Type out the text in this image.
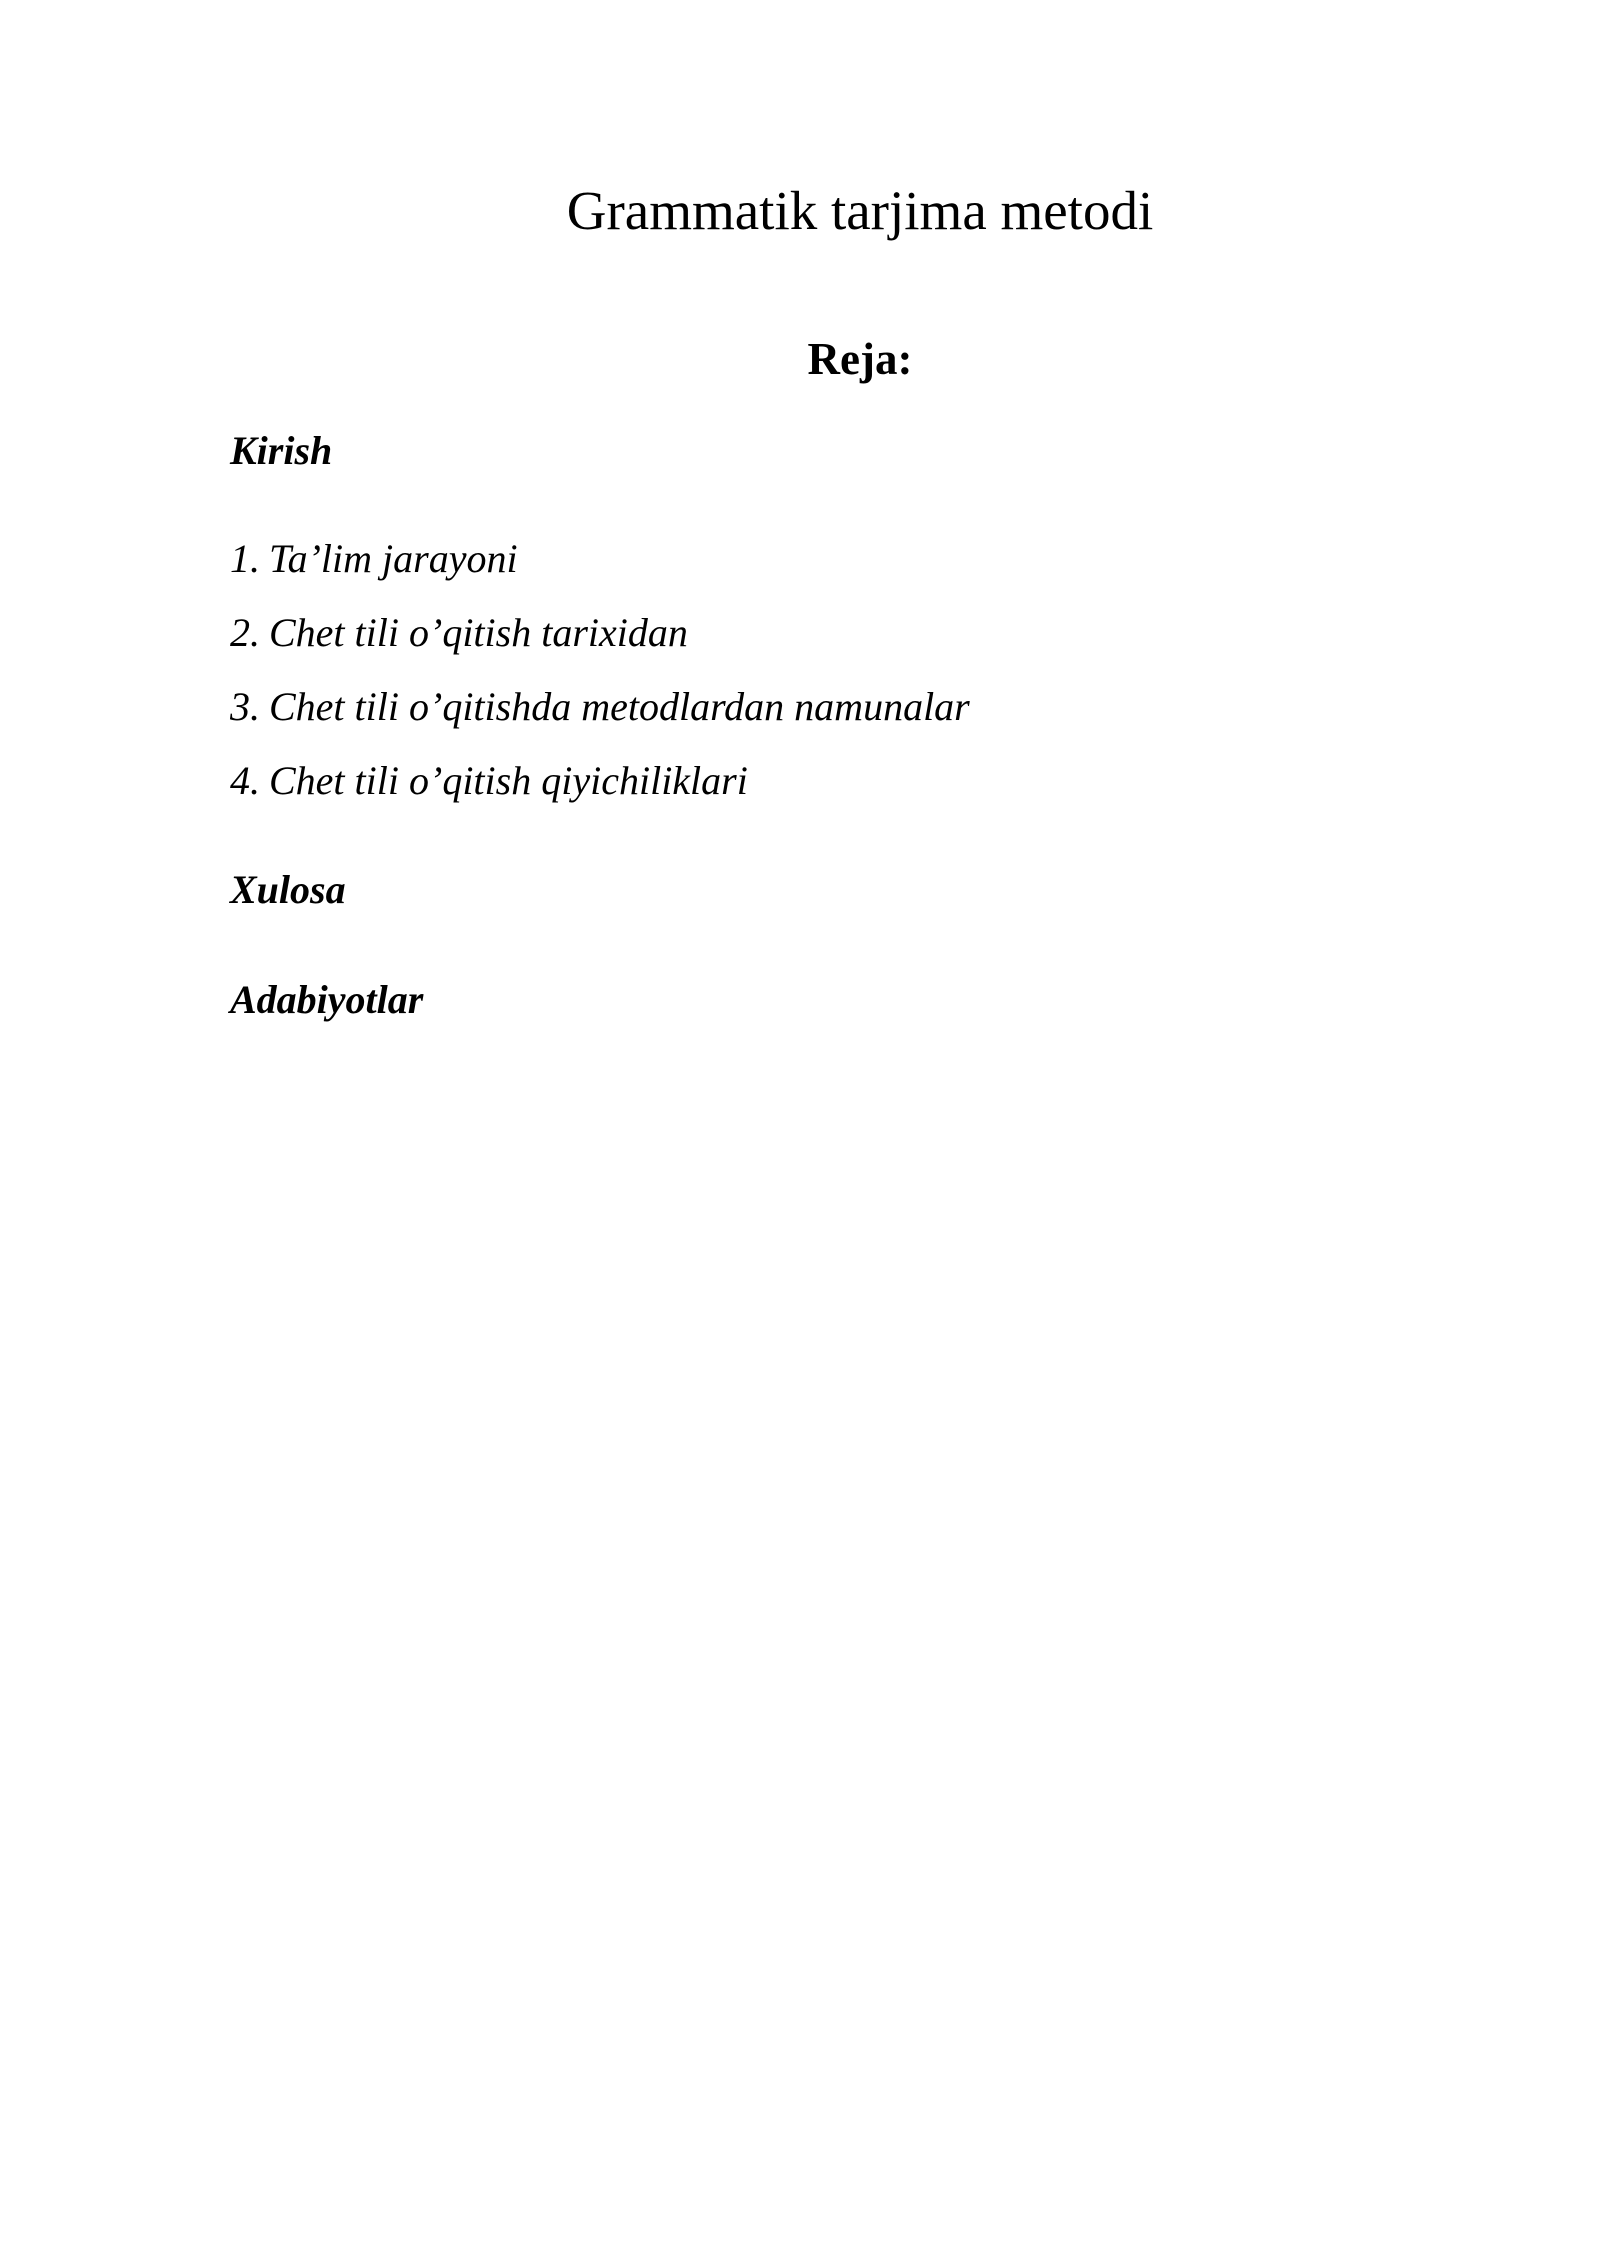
Grammatik tarjima metodi
Reja:

Kirish

1. Ta’lim jarayoni
2. Chet tili o’qitish tarixidan
3. Chet tili o’qitishda metodlardan namunalar
4. Chet tili o’qitish qiyichiliklari

Xulosa

Adabiyotlar
